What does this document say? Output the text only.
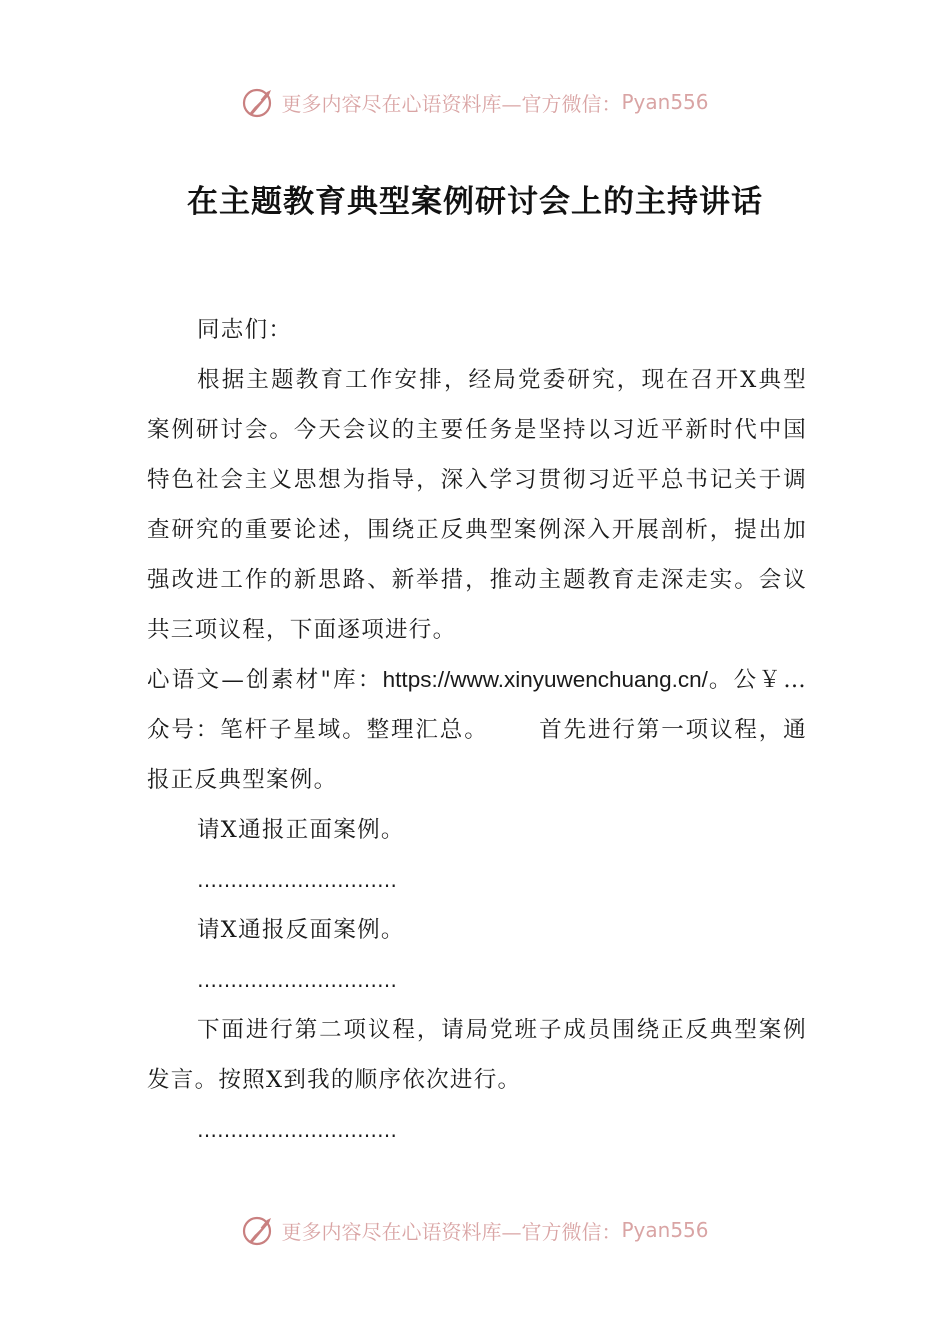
更多内容尽在心语资料库—官方微信： Pyan556
在主题教育典型案例研讨会上的主持讲话

同志们：

根据主题教育工作安排，经局党委研究，现在召开X典型案例研讨会。今天会议的主要任务是坚持以习近平新时代中国特色社会主义思想为指导，深入学习贯彻习近平总书记关于调查研究的重要论述，围绕正反典型案例深入开展剖析，提出加强改进工作的新思路、新举措，推动主题教育走深走实。会议共三项议程，下面逐项进行。

心语文—创素材"库：https://www.xinyuwenchuang.cn/。公￥…众号：笔杆子星域。整理汇总。 首先进行第一项议程，通报正反典型案例。

请X通报正面案例。

…………………………

请X通报反面案例。

…………………………

下面进行第二项议程，请局党班子成员围绕正反典型案例发言。按照X到我的顺序依次进行。

…………………………

更多内容尽在心语资料库—官方微信： Pyan556
